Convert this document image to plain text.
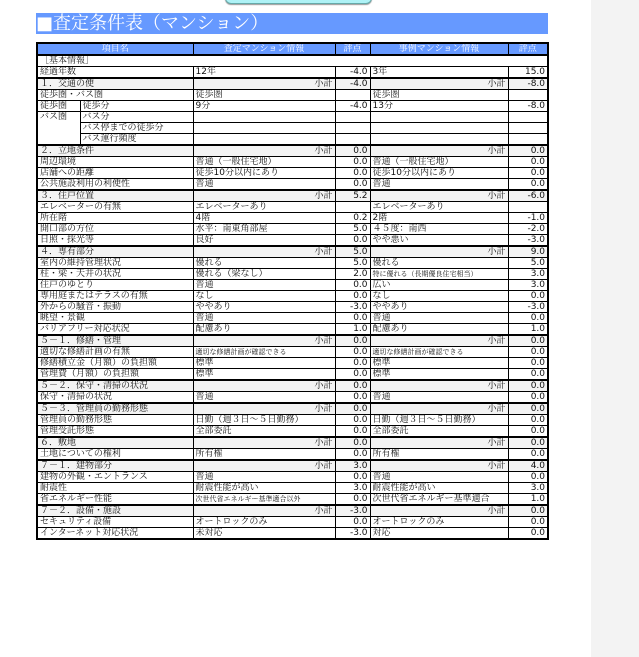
■査定条件表（マンション）
項目名		査定マンション情報	評点	事例マンション情報	評点
［基本情報］					
経過年数		12年	-4.0	3年	15.0
１．交通の便		小計	-4.0	小計	-8.0
徒歩圏・バス圏		徒歩圏		徒歩圏	
徒歩圏	徒歩分	9分	-4.0	13分	-8.0
バス圏	バス分				
	バス停までの徒歩分				
	バス運行頻度				
２．立地条件		小計	0.0	小計	0.0
周辺環境		普通（一般住宅地）	0.0	普通（一般住宅地）	0.0
店舗への距離		徒歩10分以内にあり	0.0	徒歩10分以内にあり	0.0
公共施設利用の利便性		普通	0.0	普通	0.0
３．住戸位置		小計	5.2	小計	-6.0
エレベーターの有無		エレベーターあり		エレベーターあり	
所在階		4階	0.2	2階	-1.0
開口部の方位		水平：南東角部屋	5.0	４５度：南西	-2.0
日照・採光等		良好	0.0	やや悪い	-3.0
４．専有部分		小計	5.0	小計	9.0
室内の維持管理状況		優れる	5.0	優れる	5.0
柱・梁・天井の状況		優れる（梁なし）	2.0	特に優れる（長期優良住宅相当）	3.0
住戸のゆとり		普通	0.0	広い	3.0
専用庭またはテラスの有無		なし	0.0	なし	0.0
外からの騒音・振動		ややあり	-3.0	ややあり	-3.0
眺望・景観		普通	0.0	普通	0.0
バリアフリー対応状況		配慮あり	1.0	配慮あり	1.0
５－１．修繕・管理		小計	0.0	小計	0.0
適切な修繕計画の有無		適切な修繕計画が確認できる	0.0	適切な修繕計画が確認できる	0.0
修繕積立金（月額）の負担額		標準	0.0	標準	0.0
管理費（月額）の負担額		標準	0.0	標準	0.0
５－２．保守・清掃の状況		小計	0.0	小計	0.0
保守・清掃の状況		普通	0.0	普通	0.0
５－３．管理員の勤務形態		小計	0.0	小計	0.0
管理員の勤務形態		日勤（週３日～５日勤務）	0.0	日勤（週３日～５日勤務）	0.0
管理受託形態		全部委託	0.0	全部委託	0.0
６．敷地		小計	0.0	小計	0.0
土地についての権利		所有権	0.0	所有権	0.0
７－１．建物部分		小計	3.0	小計	4.0
建物の外観・エントランス		普通	0.0	普通	0.0
耐震性		耐震性能が高い	3.0	耐震性能が高い	3.0
省エネルギー性能		次世代省エネルギー基準適合以外	0.0	次世代省エネルギー基準適合	1.0
７－２．設備・施設		小計	-3.0	小計	0.0
セキュリティ設備		オートロックのみ	0.0	オートロックのみ	0.0
インターネット対応状況		未対応	-3.0	対応	0.0
